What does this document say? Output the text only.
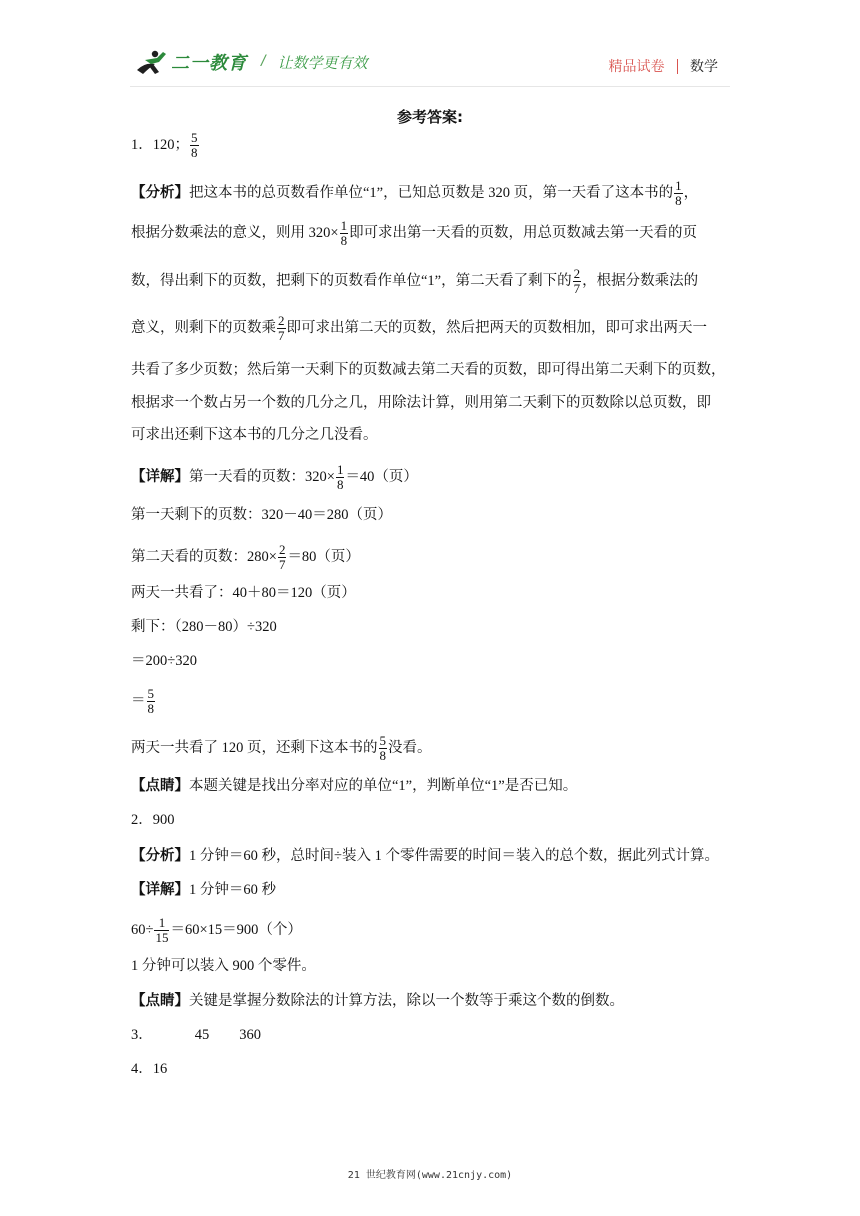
二一教育 / 让数学更有效	精品试卷 数学
参考答案:
1．120； $\frac{5}{8}$
【分析】把这本书的总页数看作单位“1”，已知总页数是 320 页，第一天看了这本书的 $\frac{1}{8}$ ，
根据分数乘法的意义，则用 $320\times \frac{1}{8}$ 即可求出第一天看的页数，用总页数减去第一天看的页
数，得出剩下的页数，把剩下的页数看作单位“1”，第二天看了剩下的 $\frac{2}{7}$ ，根据分数乘法的
意义，则剩下的页数乘 $\frac{2}{7}$ 即可求出第二天的页数，然后把两天的页数相加，即可求出两天一
共看了多少页数；然后第一天剩下的页数减去第二天看的页数，即可得出第二天剩下的页数，
根据求一个数占另一个数的几分之几，用除法计算，则用第二天剩下的页数除以总页数，即
可求出还剩下这本书的几分之几没看。
【详解】第一天看的页数：$320\times \frac{1}{8} =40$（页）
第一天剩下的页数：320－40＝280（页）
第二天看的页数：$280\times \frac{2}{7} =80$（页）
两天一共看了：40＋80＝120（页）
剩下：（280－80）÷320
＝200÷320
＝ $\frac{5}{8}$
两天一共看了 120 页，还剩下这本书的 $\frac{5}{8}$ 没看。
【点睛】本题关键是找出分率对应的单位“1”，判断单位“1”是否已知。
2．900
【分析】1 分钟＝60 秒，总时间÷装入 1 个零件需要的时间＝装入的总个数，据此列式计算。
【详解】1 分钟＝60 秒
$60\div \frac{1}{15} =60\times 15=900$（个）
1 分钟可以装入 900 个零件。
【点睛】关键是掌握分数除法的计算方法，除以一个数等于乘这个数的倒数。
3．	45 360
4．16
21 世纪教育网(www.21cnjy.com)
